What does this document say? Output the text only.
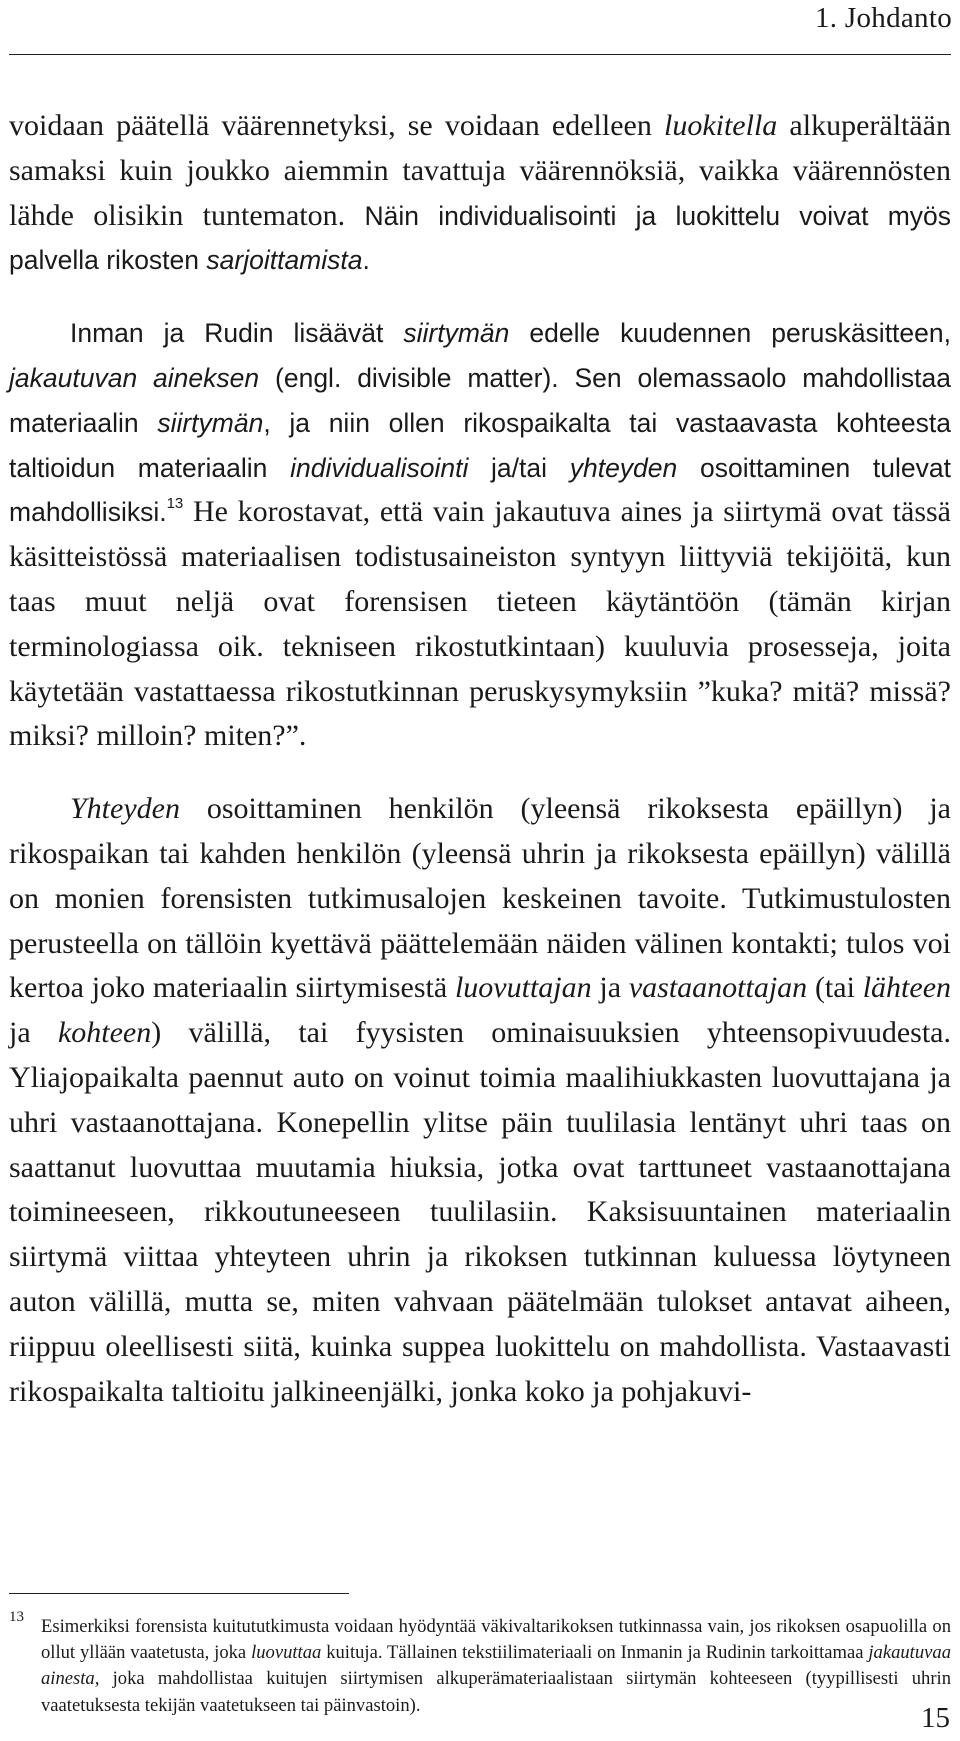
1. Johdanto

voidaan päätellä väärennetyksi, se voidaan edelleen luokitella alkuperältään samaksi kuin joukko aiemmin tavattuja väärennöksiä, vaikka väärennösten lähde olisikin tuntematon. Näin individualisointi ja luokittelu voivat myös palvella rikosten sarjoittamista.

Inman ja Rudin lisäävät siirtymän edelle kuudennen peruskäsitteen, jakautuvan aineksen (engl. divisible matter). Sen olemassaolo mahdollistaa materiaalin siirtymän, ja niin ollen rikospaikalta tai vastaavasta kohteesta taltioidun materiaalin individualisointi ja/tai yhteyden osoittaminen tulevat mahdollisiksi.$^{13}$ He korostavat, että vain jakautuva aines ja siirtymä ovat tässä käsitteistössä materiaalisen todistusaineiston syntyyn liittyviä tekijöitä, kun taas muut neljä ovat forensisen tieteen käytäntöön (tämän kirjan terminologiassa oik. tekniseen rikostutkintaan) kuuluvia prosesseja, joita käytetään vastattaessa rikostutkinnan peruskysymyksiin ”kuka? mitä? missä? miksi? milloin? miten?”.

Yhteyden osoittaminen henkilön (yleensä rikoksesta epäillyn) ja rikospaikan tai kahden henkilön (yleensä uhrin ja rikoksesta epäillyn) välillä on monien forensisten tutkimusalojen keskeinen tavoite. Tutkimustulosten perusteella on tällöin kyettävä päättelemään näiden välinen kontakti; tulos voi kertoa joko materiaalin siirtymisestä luovuttajan ja vastaanottajan (tai lähteen ja kohteen) välillä, tai fyysisten ominaisuuksien yhteensopivuudesta. Yliajopaikalta paennut auto on voinut toimia maalihiukkasten luovuttajana ja uhri vastaanottajana. Konepellin ylitse päin tuulilasia lentänyt uhri taas on saattanut luovuttaa muutamia hiuksia, jotka ovat tarttuneet vastaanottajana toimineeseen, rikkoutuneeseen tuulilasiin. Kaksisuuntainen materiaalin siirtymä viittaa yhteyteen uhrin ja rikoksen tutkinnan kuluessa löytyneen auton välillä, mutta se, miten vahvaan päätelmään tulokset antavat aiheen, riippuu oleellisesti siitä, kuinka suppea luokittelu on mahdollista. Vastaavasti rikospaikalta taltioitu jalkineenjälki, jonka koko ja pohjakuvi-

13 Esimerkiksi forensista kuitututkimusta voidaan hyödyntää väkivaltarikoksen tutkinnassa vain, jos rikoksen osapuolilla on ollut yllään vaatetusta, joka luovuttaa kuituja. Tällainen tekstiilimateriaali on Inmanin ja Rudinin tarkoittamaa jakautuvaa ainesta, joka mahdollistaa kuitujen siirtymisen alkuperämateriaalistaan siirtymän kohteeseen (tyypillisesti uhrin vaatetuksesta tekijän vaatetukseen tai päinvastoin).	15
